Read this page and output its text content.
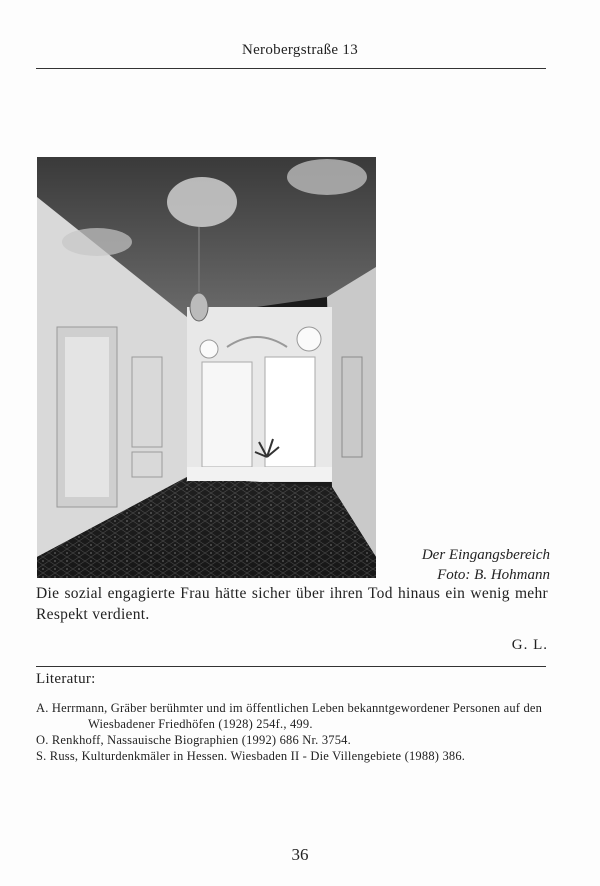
Nerobergstraße 13
Der Eingangsbereich
Foto: B. Hohmann

Die sozial engagierte Frau hätte sicher über ihren Tod hinaus ein wenig mehr Respekt verdient.

G. L.
Literatur:
A. Herrmann, Gräber berühmter und im öffentlichen Leben bekanntgewordener Personen auf den Wiesbadener Friedhöfen (1928) 254f., 499.
O. Renkhoff, Nassauische Biographien (1992) 686 Nr. 3754.
S. Russ, Kulturdenkmäler in Hessen. Wiesbaden II - Die Villengebiete (1988) 386.
36
